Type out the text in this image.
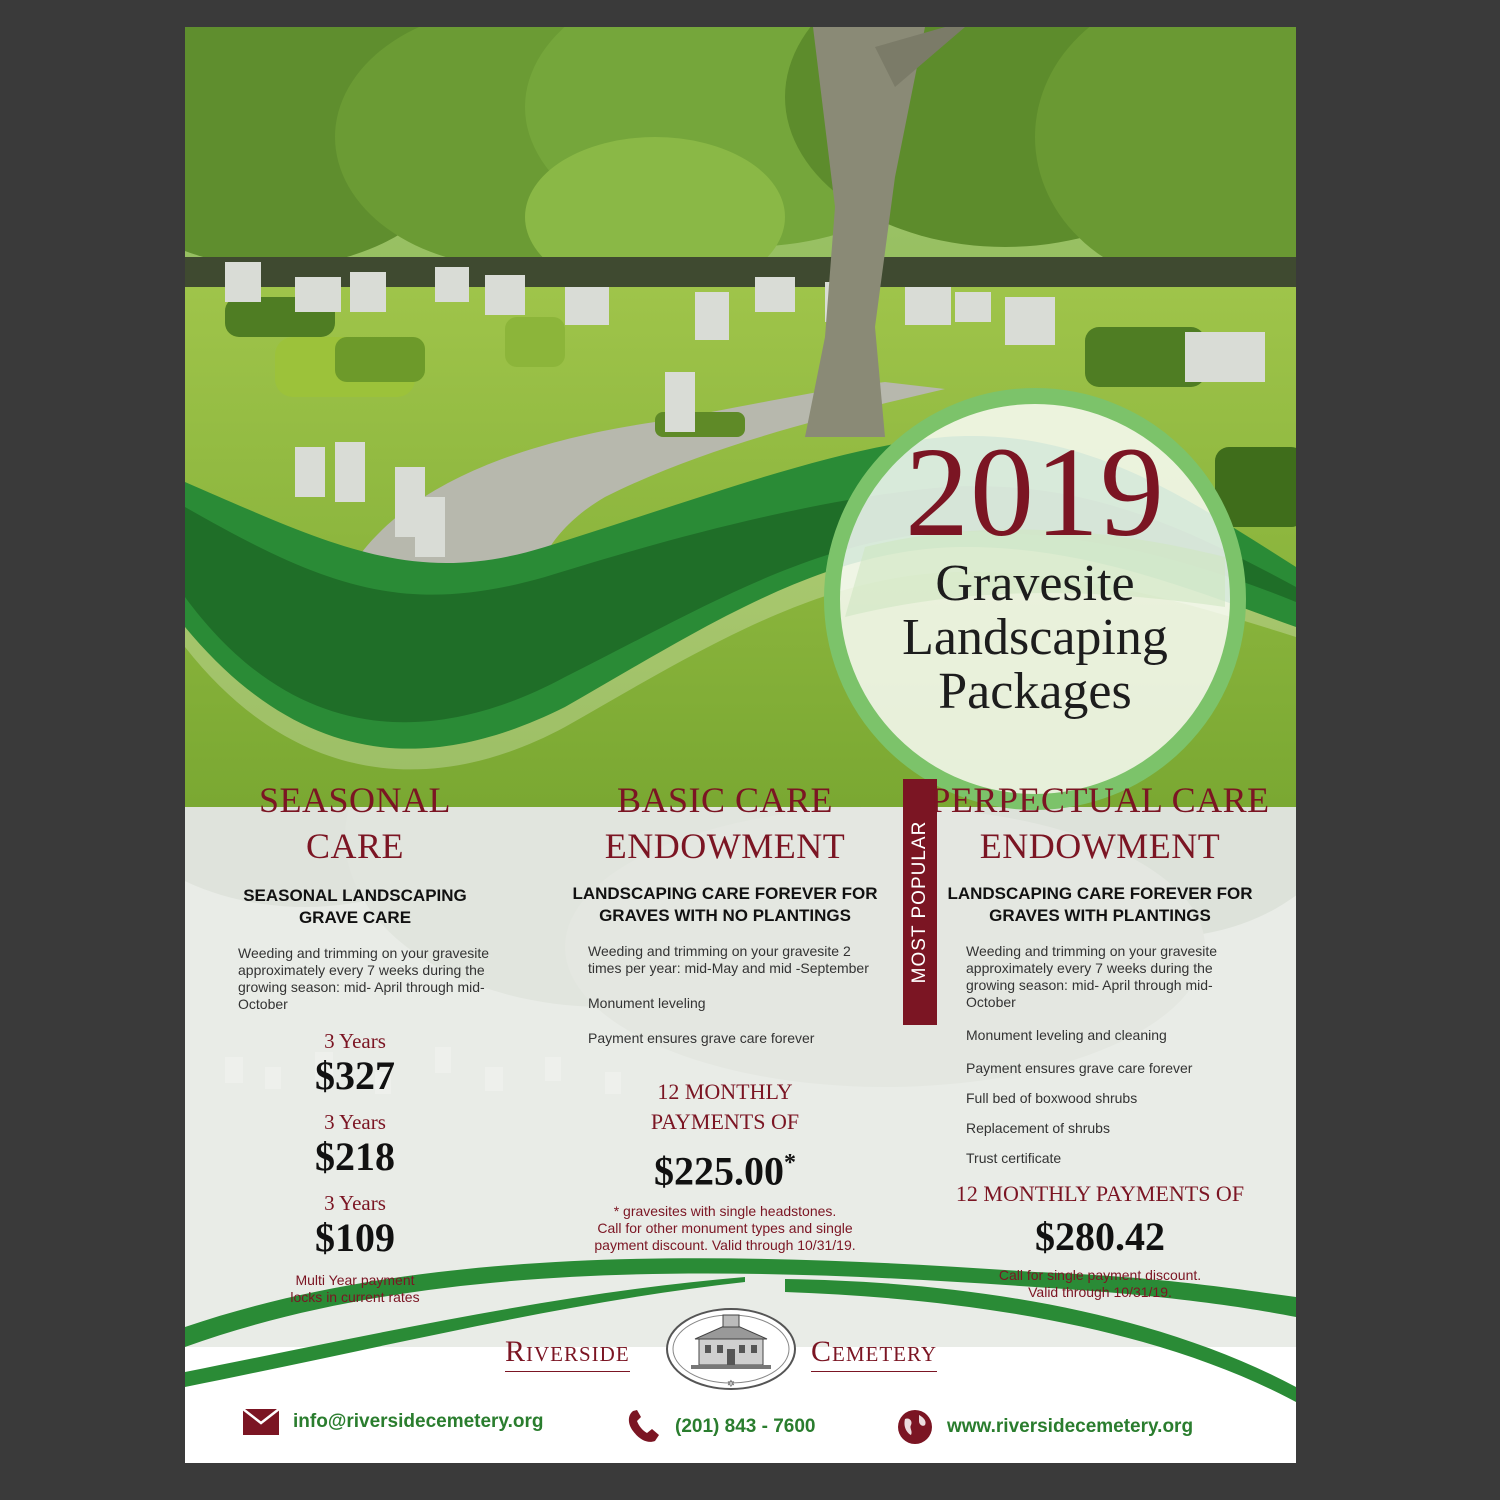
2019
Gravesite
Landscaping
Packages
SEASONAL
CARE
SEASONAL LANDSCAPING
GRAVE CARE
Weeding and trimming on your gravesite approximately every 7 weeks during the growing season: mid- April through mid- October
3 Years
$327
3 Years
$218
3 Years
$109
Multi Year payment
locks in current rates
BASIC CARE
ENDOWMENT
LANDSCAPING CARE FOREVER FOR
GRAVES WITH NO PLANTINGS
Weeding and trimming on your gravesite 2 times per year: mid-May and mid -September
Monument leveling
Payment ensures grave care forever
12 MONTHLY
PAYMENTS OF
$225.00*
* gravesites with single headstones.
Call for other monument types and single
payment discount. Valid through 10/31/19.
MOST POPULAR
PERPECTUAL CARE
ENDOWMENT
LANDSCAPING CARE FOREVER FOR
GRAVES WITH PLANTINGS
Weeding and trimming on your gravesite approximately every 7 weeks during the growing season: mid- April through mid- October
Monument leveling and cleaning
Payment ensures grave care forever
Full bed of boxwood shrubs
Replacement of shrubs
Trust certificate
12 MONTHLY PAYMENTS OF
$280.42
Call for single payment discount.
Valid through 10/31/19.
Riverside
✡
Cemetery
info@riversidecemetery.org	(201) 843 - 7600	www.riversidecemetery.org
